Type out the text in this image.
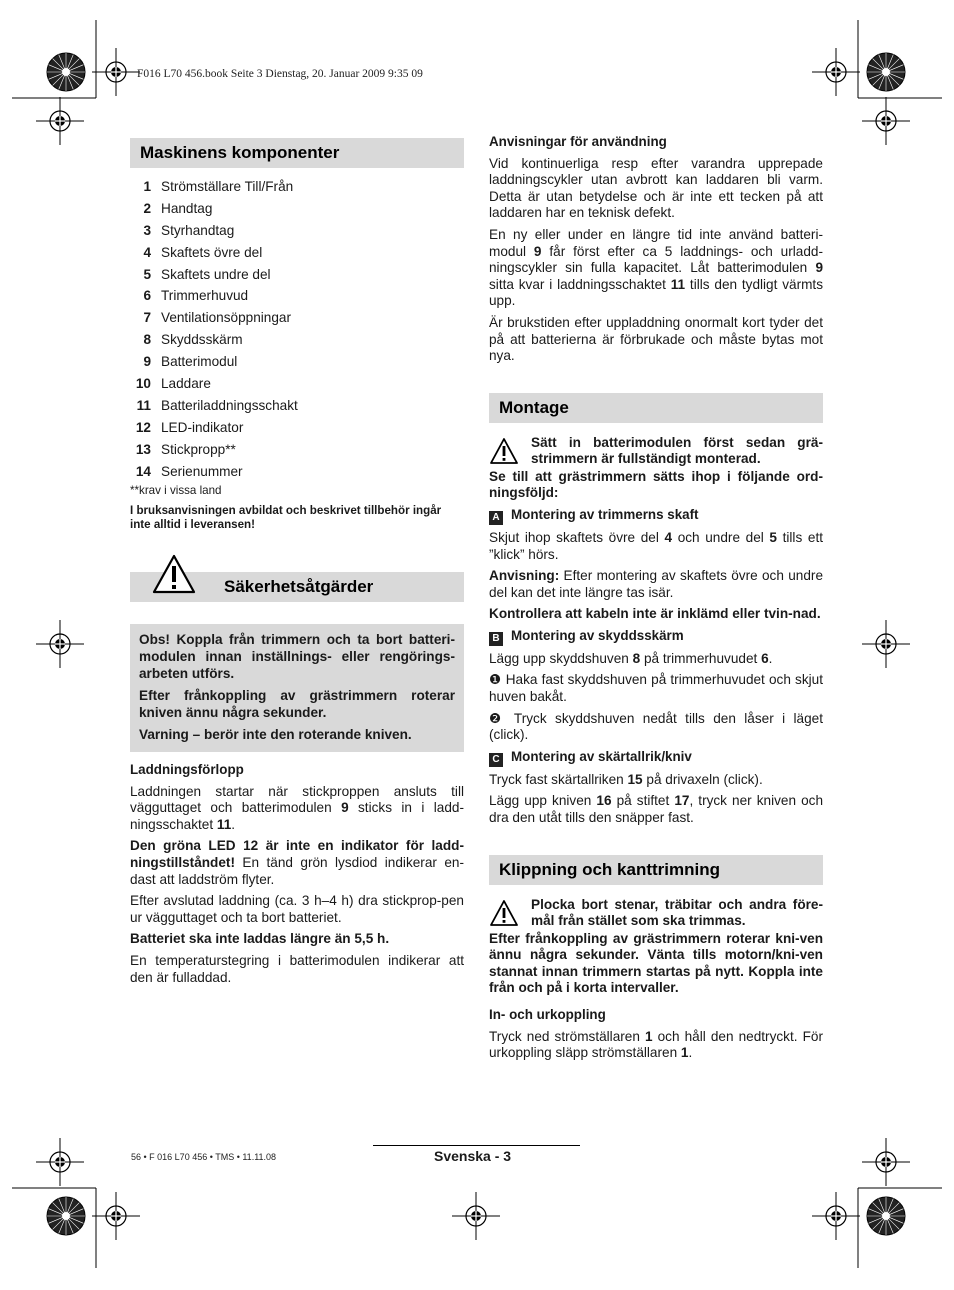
F016 L70 456.book Seite 3 Dienstag, 20. Januar 2009 9:35 09
Maskinens komponenter
1 Strömställare Till/Från
2 Handtag
3 Styrhandtag
4 Skaftets övre del
5 Skaftets undre del
6 Trimmerhuvud
7 Ventilationsöppningar
8 Skyddsskärm
9 Batterimodul
10 Laddare
11 Batteriladdningsschakt
12 LED-indikator
13 Stickpropp**
14 Serienummer
**krav i vissa land
I bruksanvisningen avbildat och beskrivet tillbehör ingår inte alltid i leveransen!
Säkerhetsåtgärder

Obs! Koppla från trimmern och ta bort batteri-modulen innan inställnings- eller rengörings-arbeten utförs.

Efter frånkoppling av grästrimmern roterar kniven ännu några sekunder.

Varning – berör inte den roterande kniven.

Laddningsförlopp

Laddningen startar när stickproppen ansluts till vägguttaget och batterimodulen 9 sticks in i ladd-ningsschaktet 11.

Den gröna LED 12 är inte en indikator för ladd-ningstillståndet! En tänd grön lysdiod indikerar en-dast att laddström flyter.

Efter avslutad laddning (ca. 3 h–4 h) dra stickprop-pen ur vägguttaget och ta bort batteriet.

Batteriet ska inte laddas längre än 5,5 h.

En temperaturstegring i batterimodulen indikerar att den är fulladdad.

Anvisningar för användning

Vid kontinuerliga resp efter varandra upprepade laddningscykler utan avbrott kan laddaren bli varm. Detta är utan betydelse och är inte ett tecken på att laddaren har en teknisk defekt.

En ny eller under en längre tid inte använd batteri-modul 9 får först efter ca 5 laddnings- och urladd-ningscykler sin fulla kapacitet. Låt batterimodulen 9 sitta kvar i laddningsschaktet 11 tills den tydligt värmts upp.

Är brukstiden efter uppladdning onormalt kort tyder det på att batterierna är förbrukade och måste bytas mot nya.

Montage

Sätt in batterimodulen först sedan grä-strimmern är fullständigt monterad.

Se till att grästrimmern sätts ihop i följande ord-ningsföljd:

A Montering av trimmerns skaft

Skjut ihop skaftets övre del 4 och undre del 5 tills ett ”klick” hörs.

Anvisning: Efter montering av skaftets övre och undre del kan det inte längre tas isär.

Kontrollera att kabeln inte är inklämd eller tvin-nad.

B Montering av skyddsskärm

Lägg upp skyddshuven 8 på trimmerhuvudet 6.

❶ Haka fast skyddshuven på trimmerhuvudet och skjut huven bakåt.

❷ Tryck skyddshuven nedåt tills den låser i läget (click).

C Montering av skärtallrik/kniv

Tryck fast skärtallriken 15 på drivaxeln (click).

Lägg upp kniven 16 på stiftet 17, tryck ner kniven och dra den utåt tills den snäpper fast.

Klippning och kanttrimning

Plocka bort stenar, träbitar och andra före-mål från stället som ska trimmas.

Efter frånkoppling av grästrimmern roterar kni-ven ännu några sekunder. Vänta tills motorn/kni-ven stannat innan trimmern startas på nytt. Koppla inte från och på i korta intervaller.

In- och urkoppling

Tryck ned strömställaren 1 och håll den nedtryckt. För urkoppling släpp strömställaren 1.

56 • F 016 L70 456 • TMS • 11.11.08	Svenska - 3
